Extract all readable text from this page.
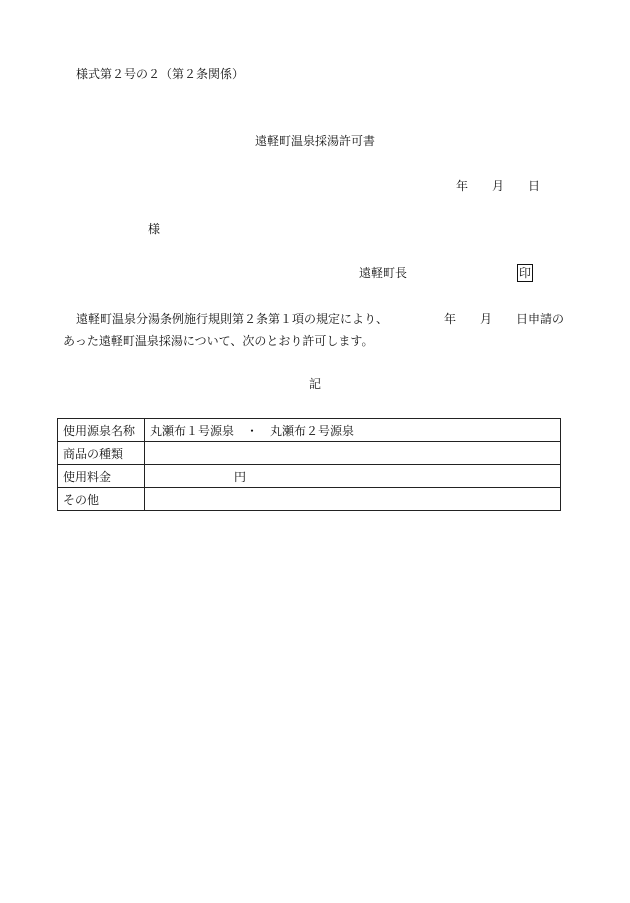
様式第２号の２（第２条関係）
遠軽町温泉採湯許可書
年 月 日
様
遠軽町長	印
遠軽町温泉分湯条例施行規則第２条第１項の規定により、	年 月 日申請の
あった遠軽町温泉採湯について、次のとおり許可します。
記
使用源泉名称	丸瀬布１号源泉　・　丸瀬布２号源泉
商品の種類	
使用料金	円
その他	
